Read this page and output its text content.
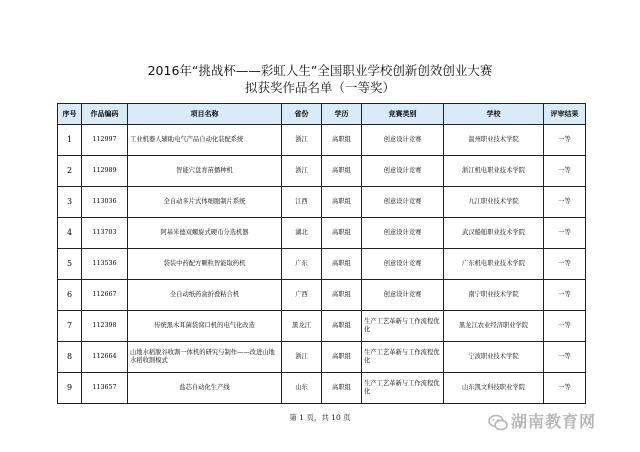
2016年“挑战杯——彩虹人生”全国职业学校创新创效创业大赛
拟获奖作品名单（一等奖）
序号	作品编码	项目名称	省份	学历	竞赛类别	学校	评审结果
1	112997	工业机器人辅助电气产品自动化装配系统	浙江	高职组	创意设计竞赛	温州职业技术学院	一等
2	112989	智能穴盘育苗播种机	浙江	高职组	创意设计竞赛	浙江机电职业技术学院	一等
3	113036	全自动多片式体细胞制片系统	江西	高职组	创意设计竞赛	九江职业技术学院	一等
4	113703	阿基米德双螺旋式硬币分选机器	湖北	高职组	创意设计竞赛	武汉船舶职业技术学院	一等
5	113536	袋装中药配方颗粒智能取药机	广东	高职组	创意设计竞赛	广东机电职业技术学院	一等
6	112667	全自动纸药盒折叠粘合机	广西	高职组	创意设计竞赛	南宁职业技术学院	一等
7	112398	传统黑木耳菌袋窝口机的电气化改造	黑龙江	高职组	生产工艺革新与工作流程优化	黑龙江农业经济职业学院	一等
8	112664	山地水稻脱谷收割一体机的研究与制作——改进山地水稻收割模式	浙江	高职组	生产工艺革新与工作流程优化	宁波职业技术学院	一等
9	113657	盐芯自动化生产线	山东	高职组	生产工艺革新与工作流程优化	山东凯文科技职业学院	一等
第 1 页，共 10 页	湖南教育网
